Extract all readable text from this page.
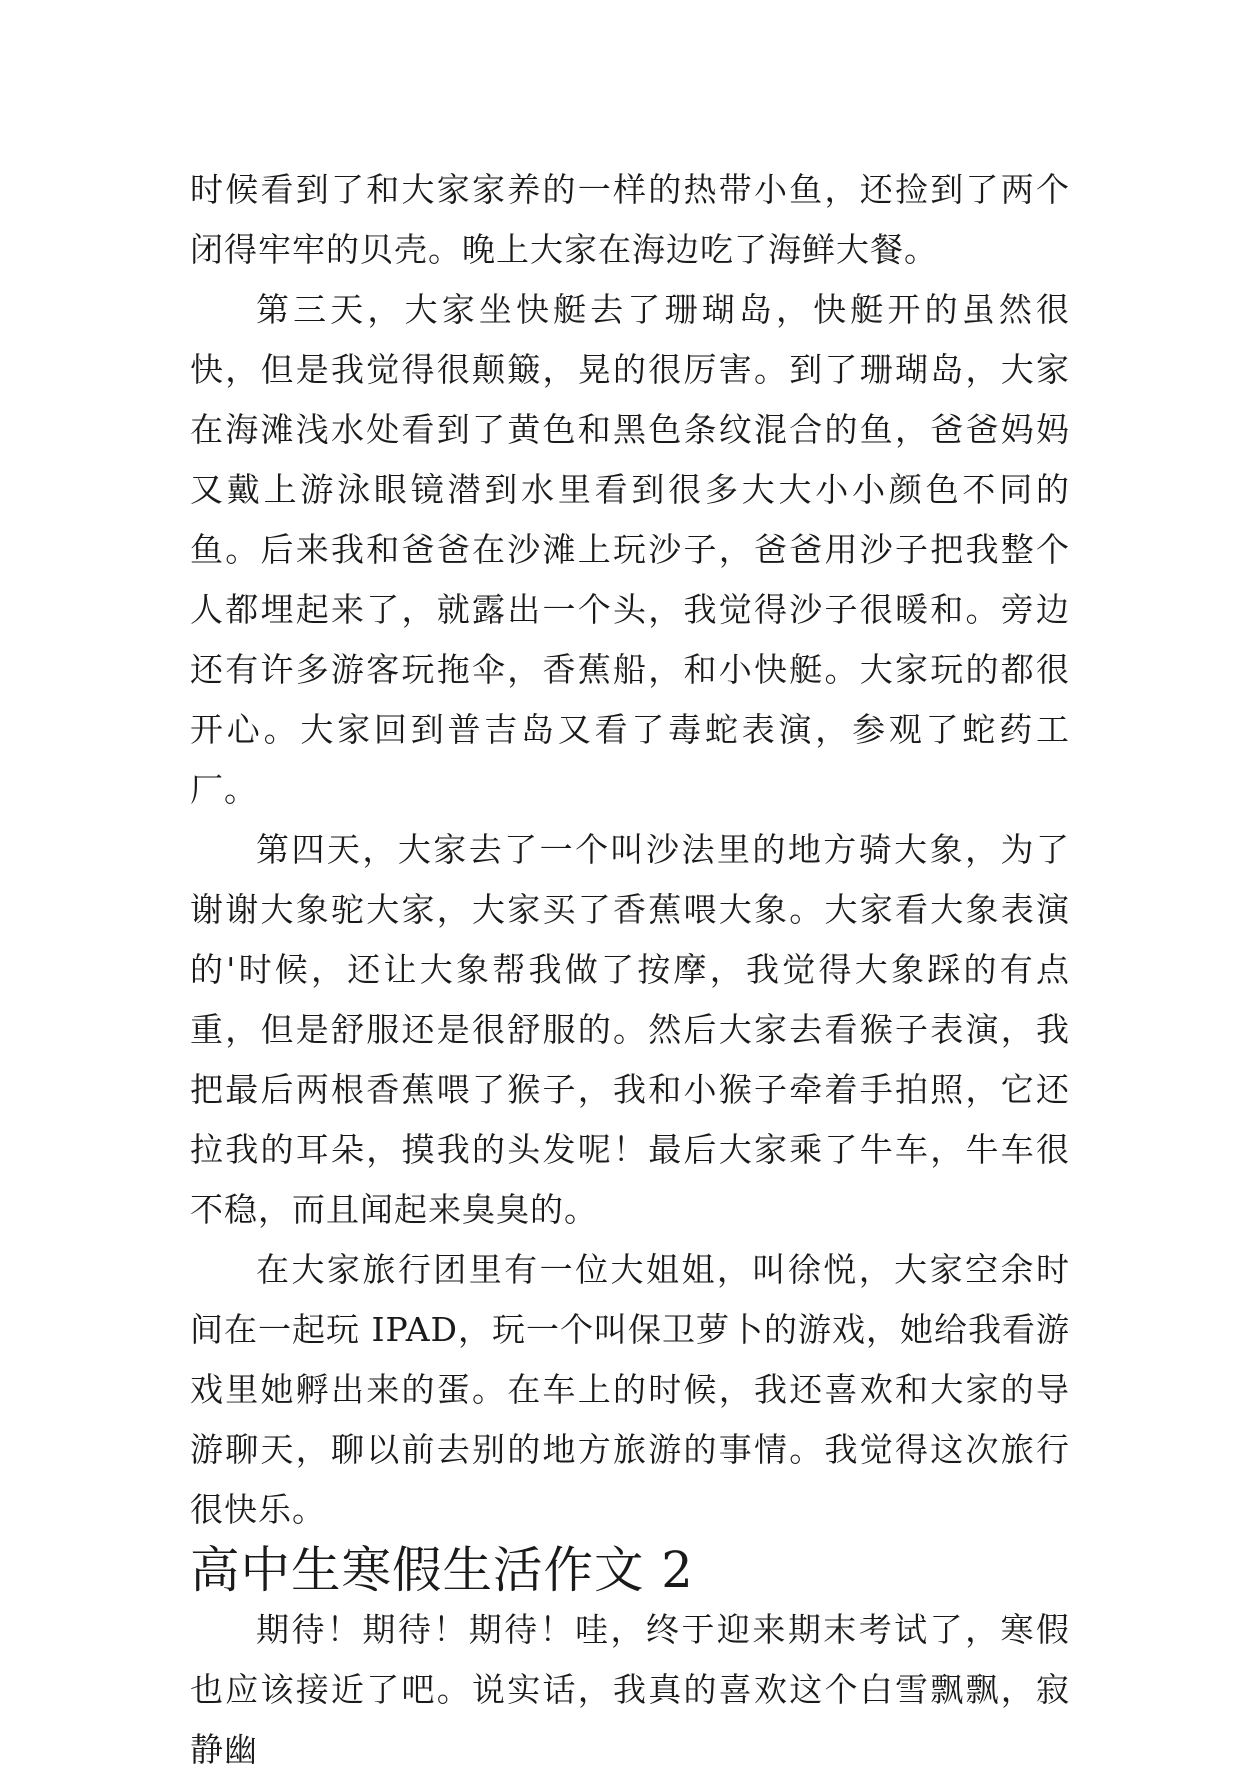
时候看到了和大家家养的一样的热带小鱼，还捡到了两个闭得牢牢的贝壳。晚上大家在海边吃了海鲜大餐。

第三天，大家坐快艇去了珊瑚岛，快艇开的虽然很快，但是我觉得很颠簸，晃的很厉害。到了珊瑚岛，大家在海滩浅水处看到了黄色和黑色条纹混合的鱼，爸爸妈妈又戴上游泳眼镜潜到水里看到很多大大小小颜色不同的鱼。后来我和爸爸在沙滩上玩沙子，爸爸用沙子把我整个人都埋起来了，就露出一个头，我觉得沙子很暖和。旁边还有许多游客玩拖伞，香蕉船，和小快艇。大家玩的都很开心。大家回到普吉岛又看了毒蛇表演，参观了蛇药工厂。

第四天，大家去了一个叫沙法里的地方骑大象，为了谢谢大象驼大家，大家买了香蕉喂大象。大家看大象表演的'时候，还让大象帮我做了按摩，我觉得大象踩的有点重，但是舒服还是很舒服的。然后大家去看猴子表演，我把最后两根香蕉喂了猴子，我和小猴子牵着手拍照，它还拉我的耳朵，摸我的头发呢！最后大家乘了牛车，牛车很不稳，而且闻起来臭臭的。

在大家旅行团里有一位大姐姐，叫徐悦，大家空余时间在一起玩 IPAD，玩一个叫保卫萝卜的游戏，她给我看游戏里她孵出来的蛋。在车上的时候，我还喜欢和大家的导游聊天，聊以前去别的地方旅游的事情。我觉得这次旅行很快乐。

高中生寒假生活作文 2

期待！期待！期待！哇，终于迎来期末考试了，寒假也应该接近了吧。说实话，我真的喜欢这个白雪飘飘，寂静幽
